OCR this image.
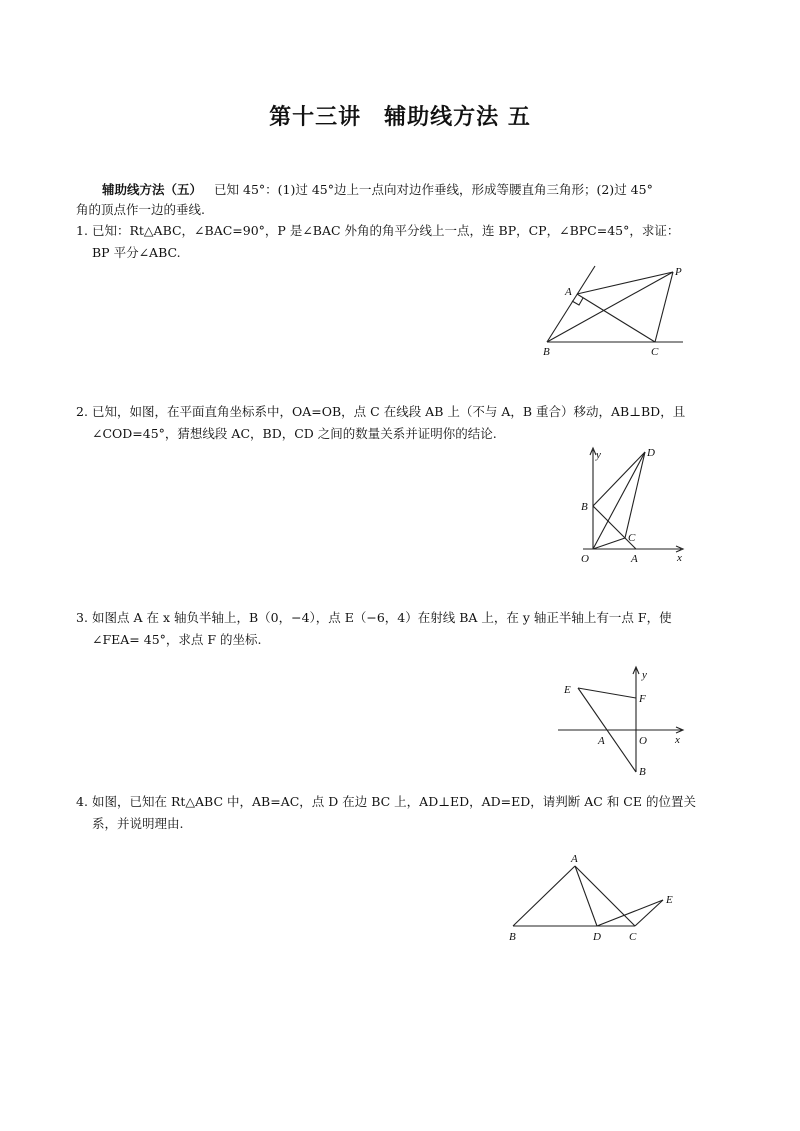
第十三讲　辅助线方法 五
辅助线方法（五） 已知 45°：(1)过 45°边上一点向对边作垂线，形成等腰直角三角形；(2)过 45°
角的顶点作一边的垂线.
1. 已知：Rt△ABC，∠BAC=90°，P 是∠BAC 外角的角平分线上一点，连 BP，CP，∠BPC=45°，求证：
BP 平分∠ABC.
A
P
B	C
2. 已知，如图，在平面直角坐标系中，OA=OB，点 C 在线段 AB 上（不与 A，B 重合）移动，AB⊥BD，且
∠COD=45°，猜想线段 AC，BD，CD 之间的数量关系并证明你的结论.
y	D
B
C
O	A	x
3. 如图点 A 在 x 轴负半轴上，B（0，−4），点 E（−6，4）在射线 BA 上，在 y 轴正半轴上有一点 F，使
∠FEA= 45°，求点 F 的坐标.
y
E
F
A	O	x
B
4. 如图，已知在 Rt△ABC 中，AB=AC，点 D 在边 BC 上，AD⊥ED，AD=ED，请判断 AC 和 CE 的位置关
系，并说明理由.
A
E
B	D	C
